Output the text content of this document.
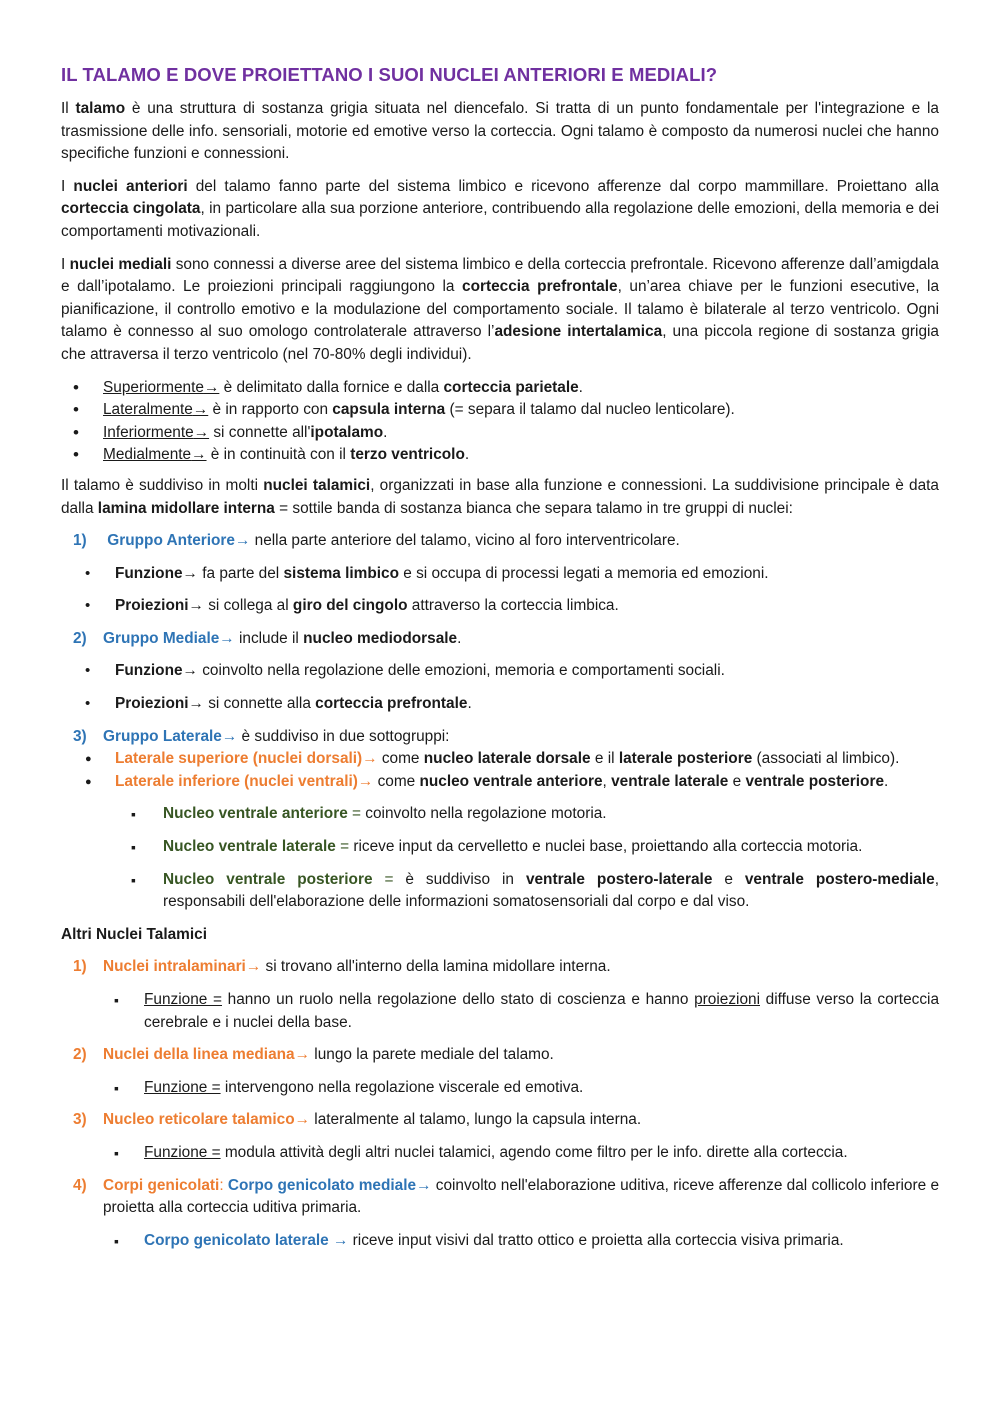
IL TALAMO E DOVE PROIETTANO I SUOI NUCLEI ANTERIORI E MEDIALI?

Il talamo è una struttura di sostanza grigia situata nel diencefalo. Si tratta di un punto fondamentale per l'integrazione e la trasmissione delle info. sensoriali, motorie ed emotive verso la corteccia. Ogni talamo è composto da numerosi nuclei che hanno specifiche funzioni e connessioni.

I nuclei anteriori del talamo fanno parte del sistema limbico e ricevono afferenze dal corpo mammillare. Proiettano alla corteccia cingolata, in particolare alla sua porzione anteriore, contribuendo alla regolazione delle emozioni, della memoria e dei comportamenti motivazionali.

I nuclei mediali sono connessi a diverse aree del sistema limbico e della corteccia prefrontale. Ricevono afferenze dall’amigdala e dall’ipotalamo. Le proiezioni principali raggiungono la corteccia prefrontale, un’area chiave per le funzioni esecutive, la pianificazione, il controllo emotivo e la modulazione del comportamento sociale. Il talamo è bilaterale al terzo ventricolo. Ogni talamo è connesso al suo omologo controlaterale attraverso l’adesione intertalamica, una piccola regione di sostanza grigia che attraversa il terzo ventricolo (nel 70-80% degli individui).

• Superiormente→ è delimitato dalla fornice e dalla corteccia parietale.
• Lateralmente→ è in rapporto con capsula interna (= separa il talamo dal nucleo lenticolare).
• Inferiormente→ si connette all'ipotalamo.
• Medialmente→ è in continuità con il terzo ventricolo.

Il talamo è suddiviso in molti nuclei talamici, organizzati in base alla funzione e connessioni. La suddivisione principale è data dalla lamina midollare interna = sottile banda di sostanza bianca che separa talamo in tre gruppi di nuclei:

1) Gruppo Anteriore→ nella parte anteriore del talamo, vicino al foro interventricolare.
• Funzione→ fa parte del sistema limbico e si occupa di processi legati a memoria ed emozioni.
• Proiezioni→ si collega al giro del cingolo attraverso la corteccia limbica.
2) Gruppo Mediale→ include il nucleo mediodorsale.
• Funzione→ coinvolto nella regolazione delle emozioni, memoria e comportamenti sociali.
• Proiezioni→ si connette alla corteccia prefrontale.
3) Gruppo Laterale→ è suddiviso in due sottogruppi:
● Laterale superiore (nuclei dorsali)→ come nucleo laterale dorsale e il laterale posteriore (associati al limbico).
● Laterale inferiore (nuclei ventrali)→ come nucleo ventrale anteriore, ventrale laterale e ventrale posteriore.
▪ Nucleo ventrale anteriore = coinvolto nella regolazione motoria.
▪ Nucleo ventrale laterale = riceve input da cervelletto e nuclei base, proiettando alla corteccia motoria.
▪ Nucleo ventrale posteriore = è suddiviso in ventrale postero-laterale e ventrale postero-mediale, responsabili dell'elaborazione delle informazioni somatosensoriali dal corpo e dal viso.
Altri Nuclei Talamici
1) Nuclei intralaminari→ si trovano all'interno della lamina midollare interna.
▪ Funzione = hanno un ruolo nella regolazione dello stato di coscienza e hanno proiezioni diffuse verso la corteccia cerebrale e i nuclei della base.
2) Nuclei della linea mediana→ lungo la parete mediale del talamo.
▪ Funzione = intervengono nella regolazione viscerale ed emotiva.
3) Nucleo reticolare talamico→ lateralmente al talamo, lungo la capsula interna.
▪ Funzione = modula attività degli altri nuclei talamici, agendo come filtro per le info. dirette alla corteccia.
4) Corpi genicolati: Corpo genicolato mediale→ coinvolto nell'elaborazione uditiva, riceve afferenze dal collicolo inferiore e proietta alla corteccia uditiva primaria.
▪ Corpo genicolato laterale → riceve input visivi dal tratto ottico e proietta alla corteccia visiva primaria.
